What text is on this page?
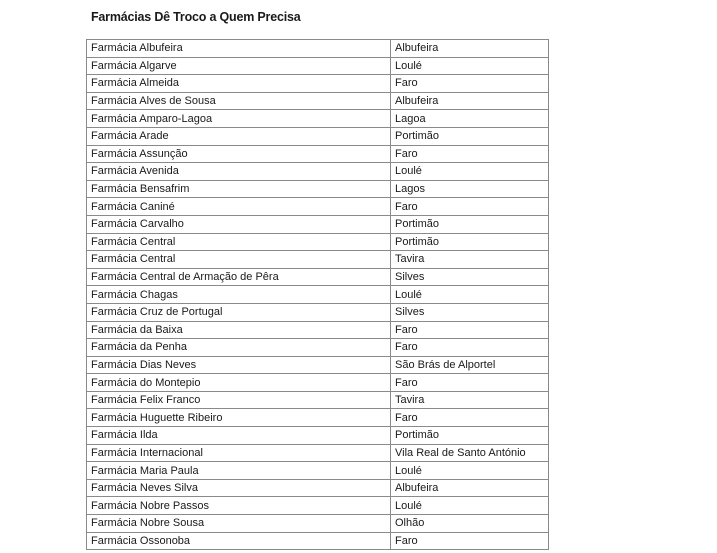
Farmácias Dê Troco a Quem Precisa
Farmácia Albufeira	Albufeira
Farmácia Algarve	Loulé
Farmácia Almeida	Faro
Farmácia Alves de Sousa	Albufeira
Farmácia Amparo-Lagoa	Lagoa
Farmácia Arade	Portimão
Farmácia Assunção	Faro
Farmácia Avenida	Loulé
Farmácia Bensafrim	Lagos
Farmácia Caniné	Faro
Farmácia Carvalho	Portimão
Farmácia Central	Portimão
Farmácia Central	Tavira
Farmácia Central de Armação de Pêra	Silves
Farmácia Chagas	Loulé
Farmácia Cruz de Portugal	Silves
Farmácia da Baixa	Faro
Farmácia da Penha	Faro
Farmácia Dias Neves	São Brás de Alportel
Farmácia do Montepio	Faro
Farmácia Felix Franco	Tavira
Farmácia Huguette Ribeiro	Faro
Farmácia Ilda	Portimão
Farmácia Internacional	Vila Real de Santo António
Farmácia Maria Paula	Loulé
Farmácia Neves Silva	Albufeira
Farmácia Nobre Passos	Loulé
Farmácia Nobre Sousa	Olhão
Farmácia Ossonoba	Faro
